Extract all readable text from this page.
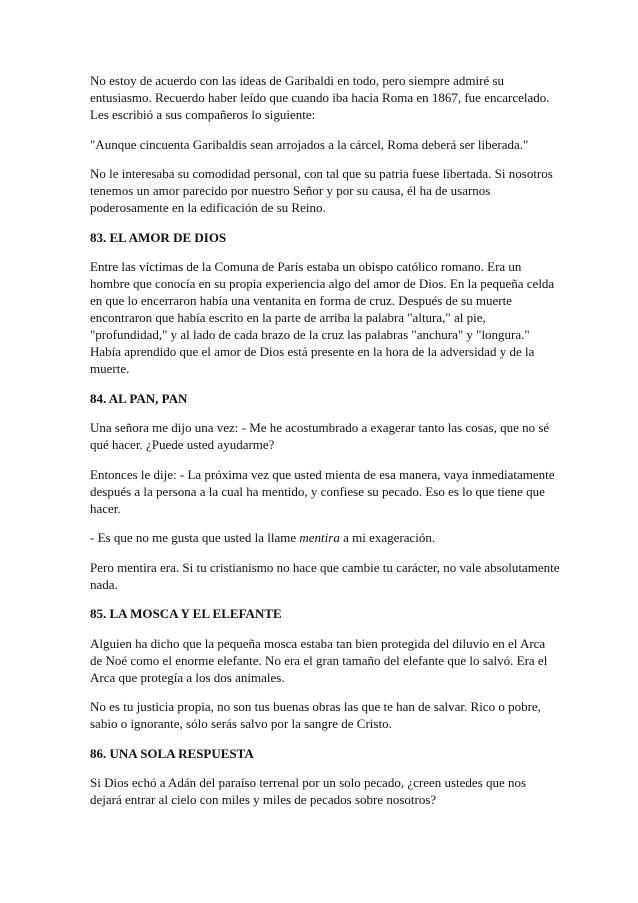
No estoy de acuerdo con las ideas de Garibaldi en todo, pero siempre admiré su entusiasmo. Recuerdo haber leído que cuando iba hacia Roma en 1867, fue encarcelado. Les escribió a sus compañeros lo siguiente:

"Aunque cincuenta Garibaldis sean arrojados a la cárcel, Roma deberá ser liberada."

No le interesaba su comodidad personal, con tal que su patria fuese libertada. Si nosotros tenemos un amor parecido por nuestro Señor y por su causa, él ha de usarnos poderosamente en la edificación de su Reino.

83. EL AMOR DE DIOS

Entre las víctimas de la Comuna de París estaba un obispo católico romano. Era un hombre que conocía en su propia experiencia algo del amor de Dios. En la pequeña celda en que lo encerraron había una ventanita en forma de cruz. Después de su muerte encontraron que había escrito en la parte de arriba la palabra "altura," al pie, "profundidad," y al lado de cada brazo de la cruz las palabras "anchura" y "longura." Había aprendido que el amor de Dios está presente en la hora de la adversidad y de la muerte.

84. AL PAN, PAN

Una señora me dijo una vez: - Me he acostumbrado a exagerar tanto las cosas, que no sé qué hacer. ¿Puede usted ayudarme?

Entonces le dije: - La próxima vez que usted mienta de esa manera, vaya inmediatamente después a la persona a la cual ha mentido, y confiese su pecado. Eso es lo que tiene que hacer.

- Es que no me gusta que usted la llame mentira a mi exageración.

Pero mentira era. Si tu cristianismo no hace que cambie tu carácter, no vale absolutamente nada.

85. LA MOSCA Y EL ELEFANTE

Alguien ha dicho que la pequeña mosca estaba tan bien protegida del diluvio en el Arca de Noé como el enorme elefante. No era el gran tamaño del elefante que lo salvó. Era el Arca que protegía a los dos animales.

No es tu justicia propia, no son tus buenas obras las que te han de salvar. Rico o pobre, sabio o ignorante, sólo serás salvo por la sangre de Cristo.

86. UNA SOLA RESPUESTA

Si Dios echó a Adán del paraíso terrenal por un solo pecado, ¿creen ustedes que nos dejará entrar al cielo con miles y miles de pecados sobre nosotros?
